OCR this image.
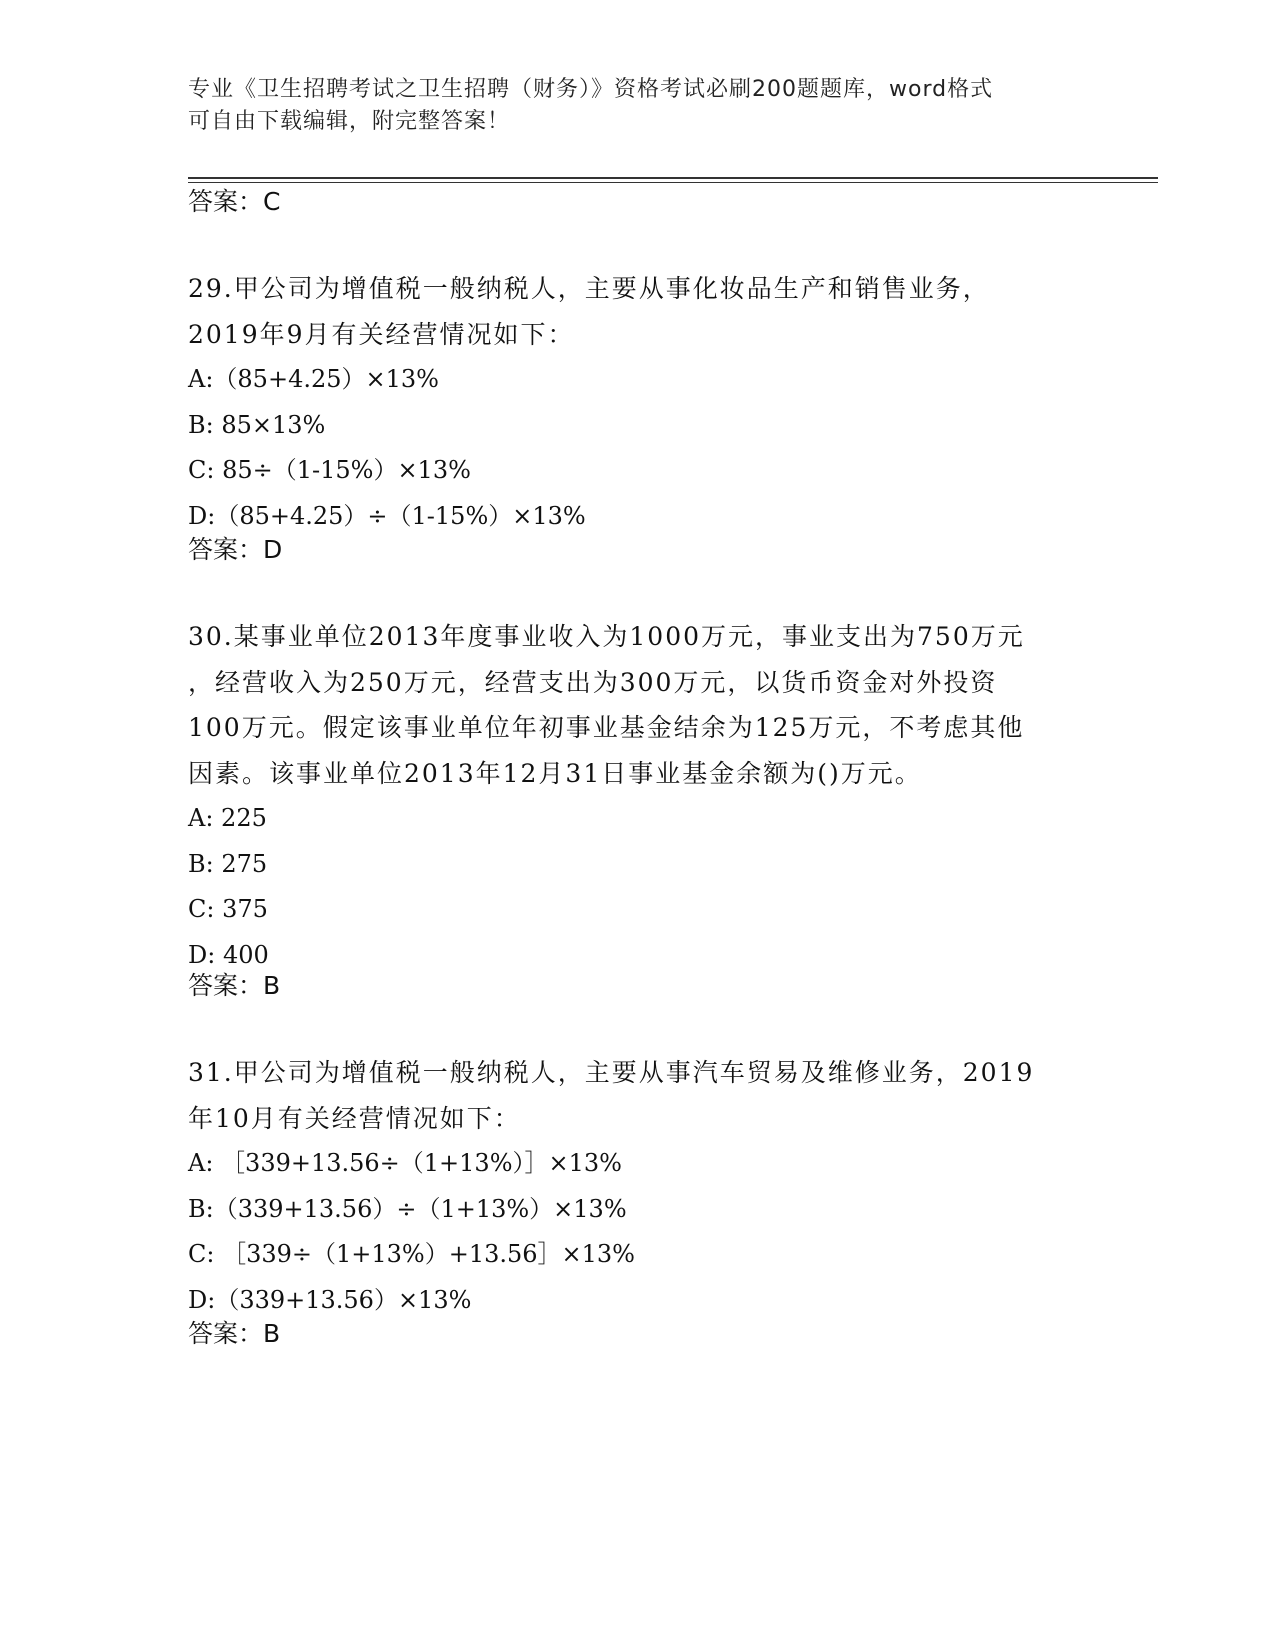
专业《卫生招聘考试之卫生招聘（财务）》资格考试必刷200题题库，word格式
可自由下载编辑，附完整答案！
答案：C

29.甲公司为增值税一般纳税人，主要从事化妆品生产和销售业务，
2019年9月有关经营情况如下：

A:（85+4.25）×13%
B: 85×13%
C: 85÷（1-15%）×13%
D:（85+4.25）÷（1-15%）×13%
答案：D

30.某事业单位2013年度事业收入为1000万元，事业支出为750万元
，经营收入为250万元，经营支出为300万元，以货币资金对外投资
100万元。假定该事业单位年初事业基金结余为125万元，不考虑其他
因素。该事业单位2013年12月31日事业基金余额为()万元。

A: 225
B: 275
C: 375
D: 400
答案：B

31.甲公司为增值税一般纳税人，主要从事汽车贸易及维修业务，2019
年10月有关经营情况如下：

A: ［339+13.56÷（1+13%）］×13%
B:（339+13.56）÷（1+13%）×13%
C: ［339÷（1+13%）+13.56］×13%
D:（339+13.56）×13%
答案：B
